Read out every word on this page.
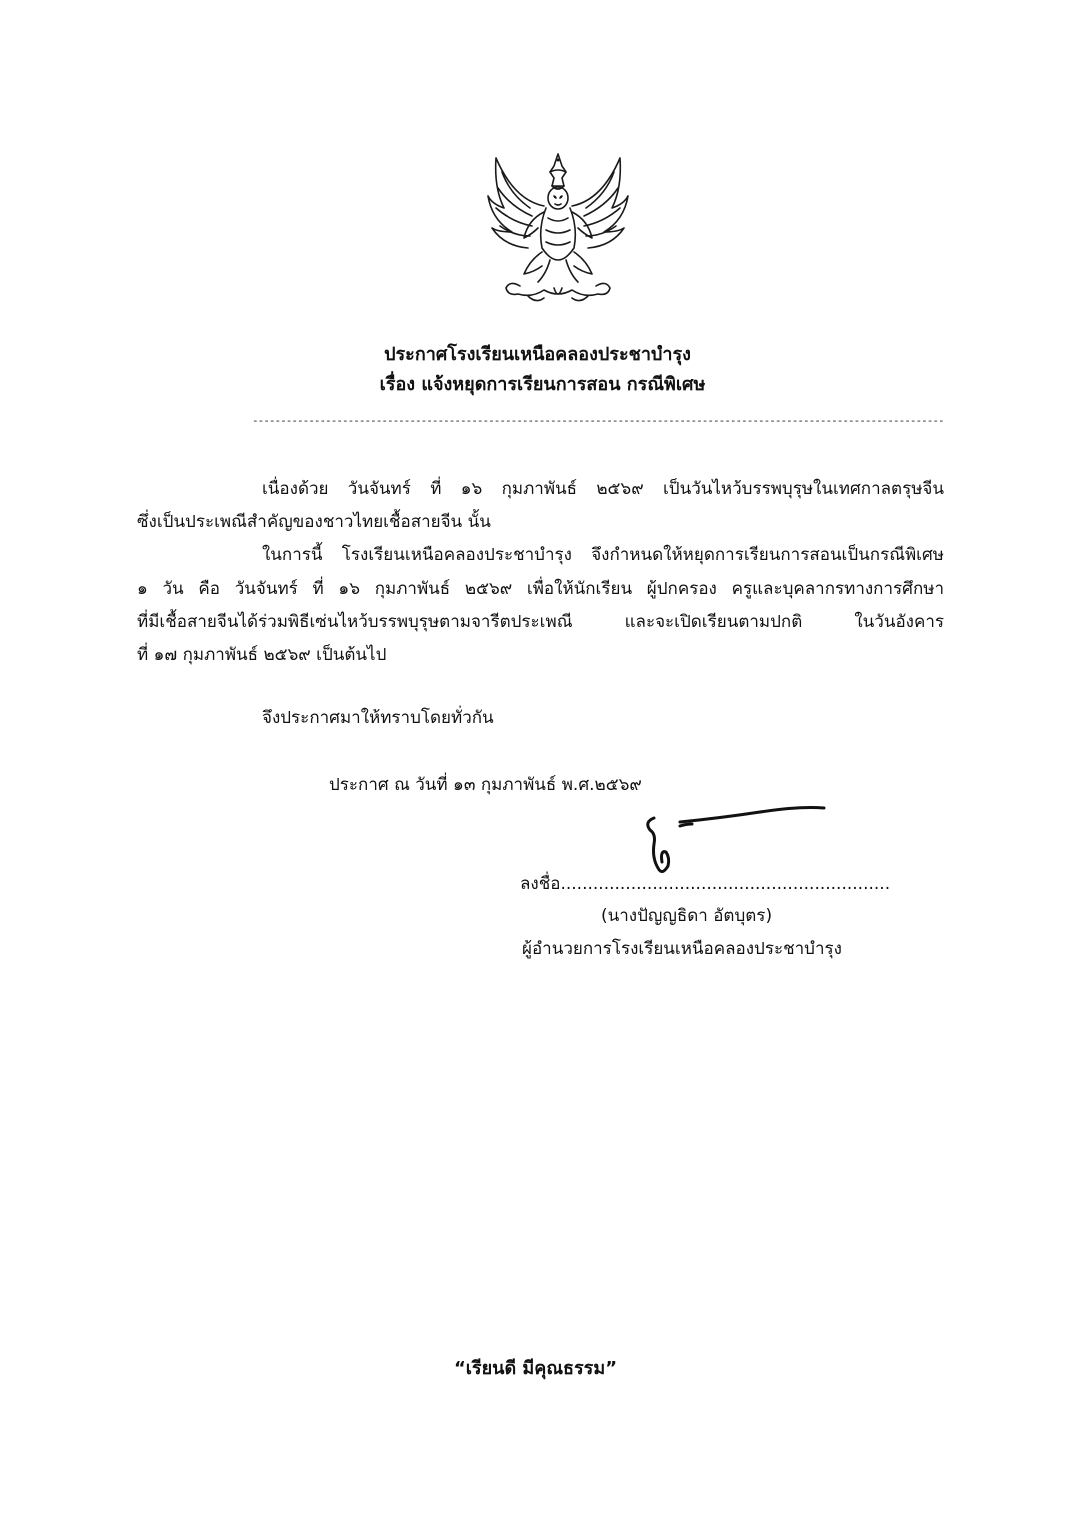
ประกาศโรงเรียนเหนือคลองประชาบำรุง
เรื่อง แจ้งหยุดการเรียนการสอน กรณีพิเศษ
---------------------------------------------------------------------------------------------------------------------------
เนื่องด้วย วันจันทร์ ที่ ๑๖ กุมภาพันธ์ ๒๕๖๙ เป็นวันไหว้บรรพบุรุษในเทศกาลตรุษจีน
ซึ่งเป็นประเพณีสำคัญของชาวไทยเชื้อสายจีน นั้น
ในการนี้ โรงเรียนเหนือคลองประชาบำรุง จึงกำหนดให้หยุดการเรียนการสอนเป็นกรณีพิเศษ
๑ วัน คือ วันจันทร์ ที่ ๑๖ กุมภาพันธ์ ๒๕๖๙ เพื่อให้นักเรียน ผู้ปกครอง ครูและบุคลากรทางการศึกษา
ที่มีเชื้อสายจีนได้ร่วมพิธีเซ่นไหว้บรรพบุรุษตามจารีตประเพณี และจะเปิดเรียนตามปกติ ในวันอังคาร
ที่ ๑๗ กุมภาพันธ์ ๒๕๖๙ เป็นต้นไป
จึงประกาศมาให้ทราบโดยทั่วกัน
ประกาศ ณ วันที่ ๑๓ กุมภาพันธ์ พ.ศ.๒๕๖๙
ลงชื่อ.............................................................
(นางปัญญธิดา อัตบุตร)
ผู้อำนวยการโรงเรียนเหนือคลองประชาบำรุง
“เรียนดี มีคุณธรรม”
